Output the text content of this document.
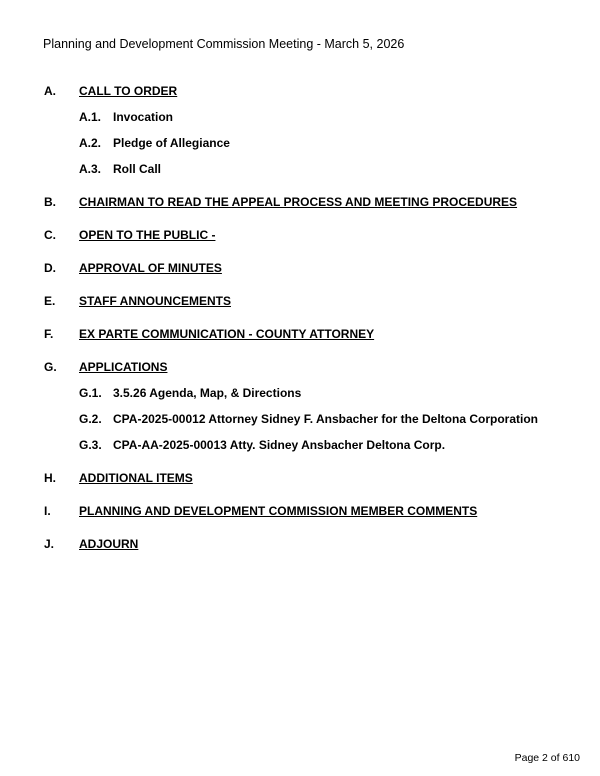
Planning and Development Commission Meeting - March 5, 2026
A. CALL TO ORDER
A.1. Invocation
A.2. Pledge of Allegiance
A.3. Roll Call
B. CHAIRMAN TO READ THE APPEAL PROCESS AND MEETING PROCEDURES
C. OPEN TO THE PUBLIC -
D. APPROVAL OF MINUTES
E. STAFF ANNOUNCEMENTS
F. EX PARTE COMMUNICATION - COUNTY ATTORNEY
G. APPLICATIONS
G.1. 3.5.26 Agenda, Map, & Directions
G.2. CPA-2025-00012 Attorney Sidney F. Ansbacher for the Deltona Corporation
G.3. CPA-AA-2025-00013 Atty. Sidney Ansbacher Deltona Corp.
H. ADDITIONAL ITEMS
I. PLANNING AND DEVELOPMENT COMMISSION MEMBER COMMENTS
J. ADJOURN
Page 2 of 610
